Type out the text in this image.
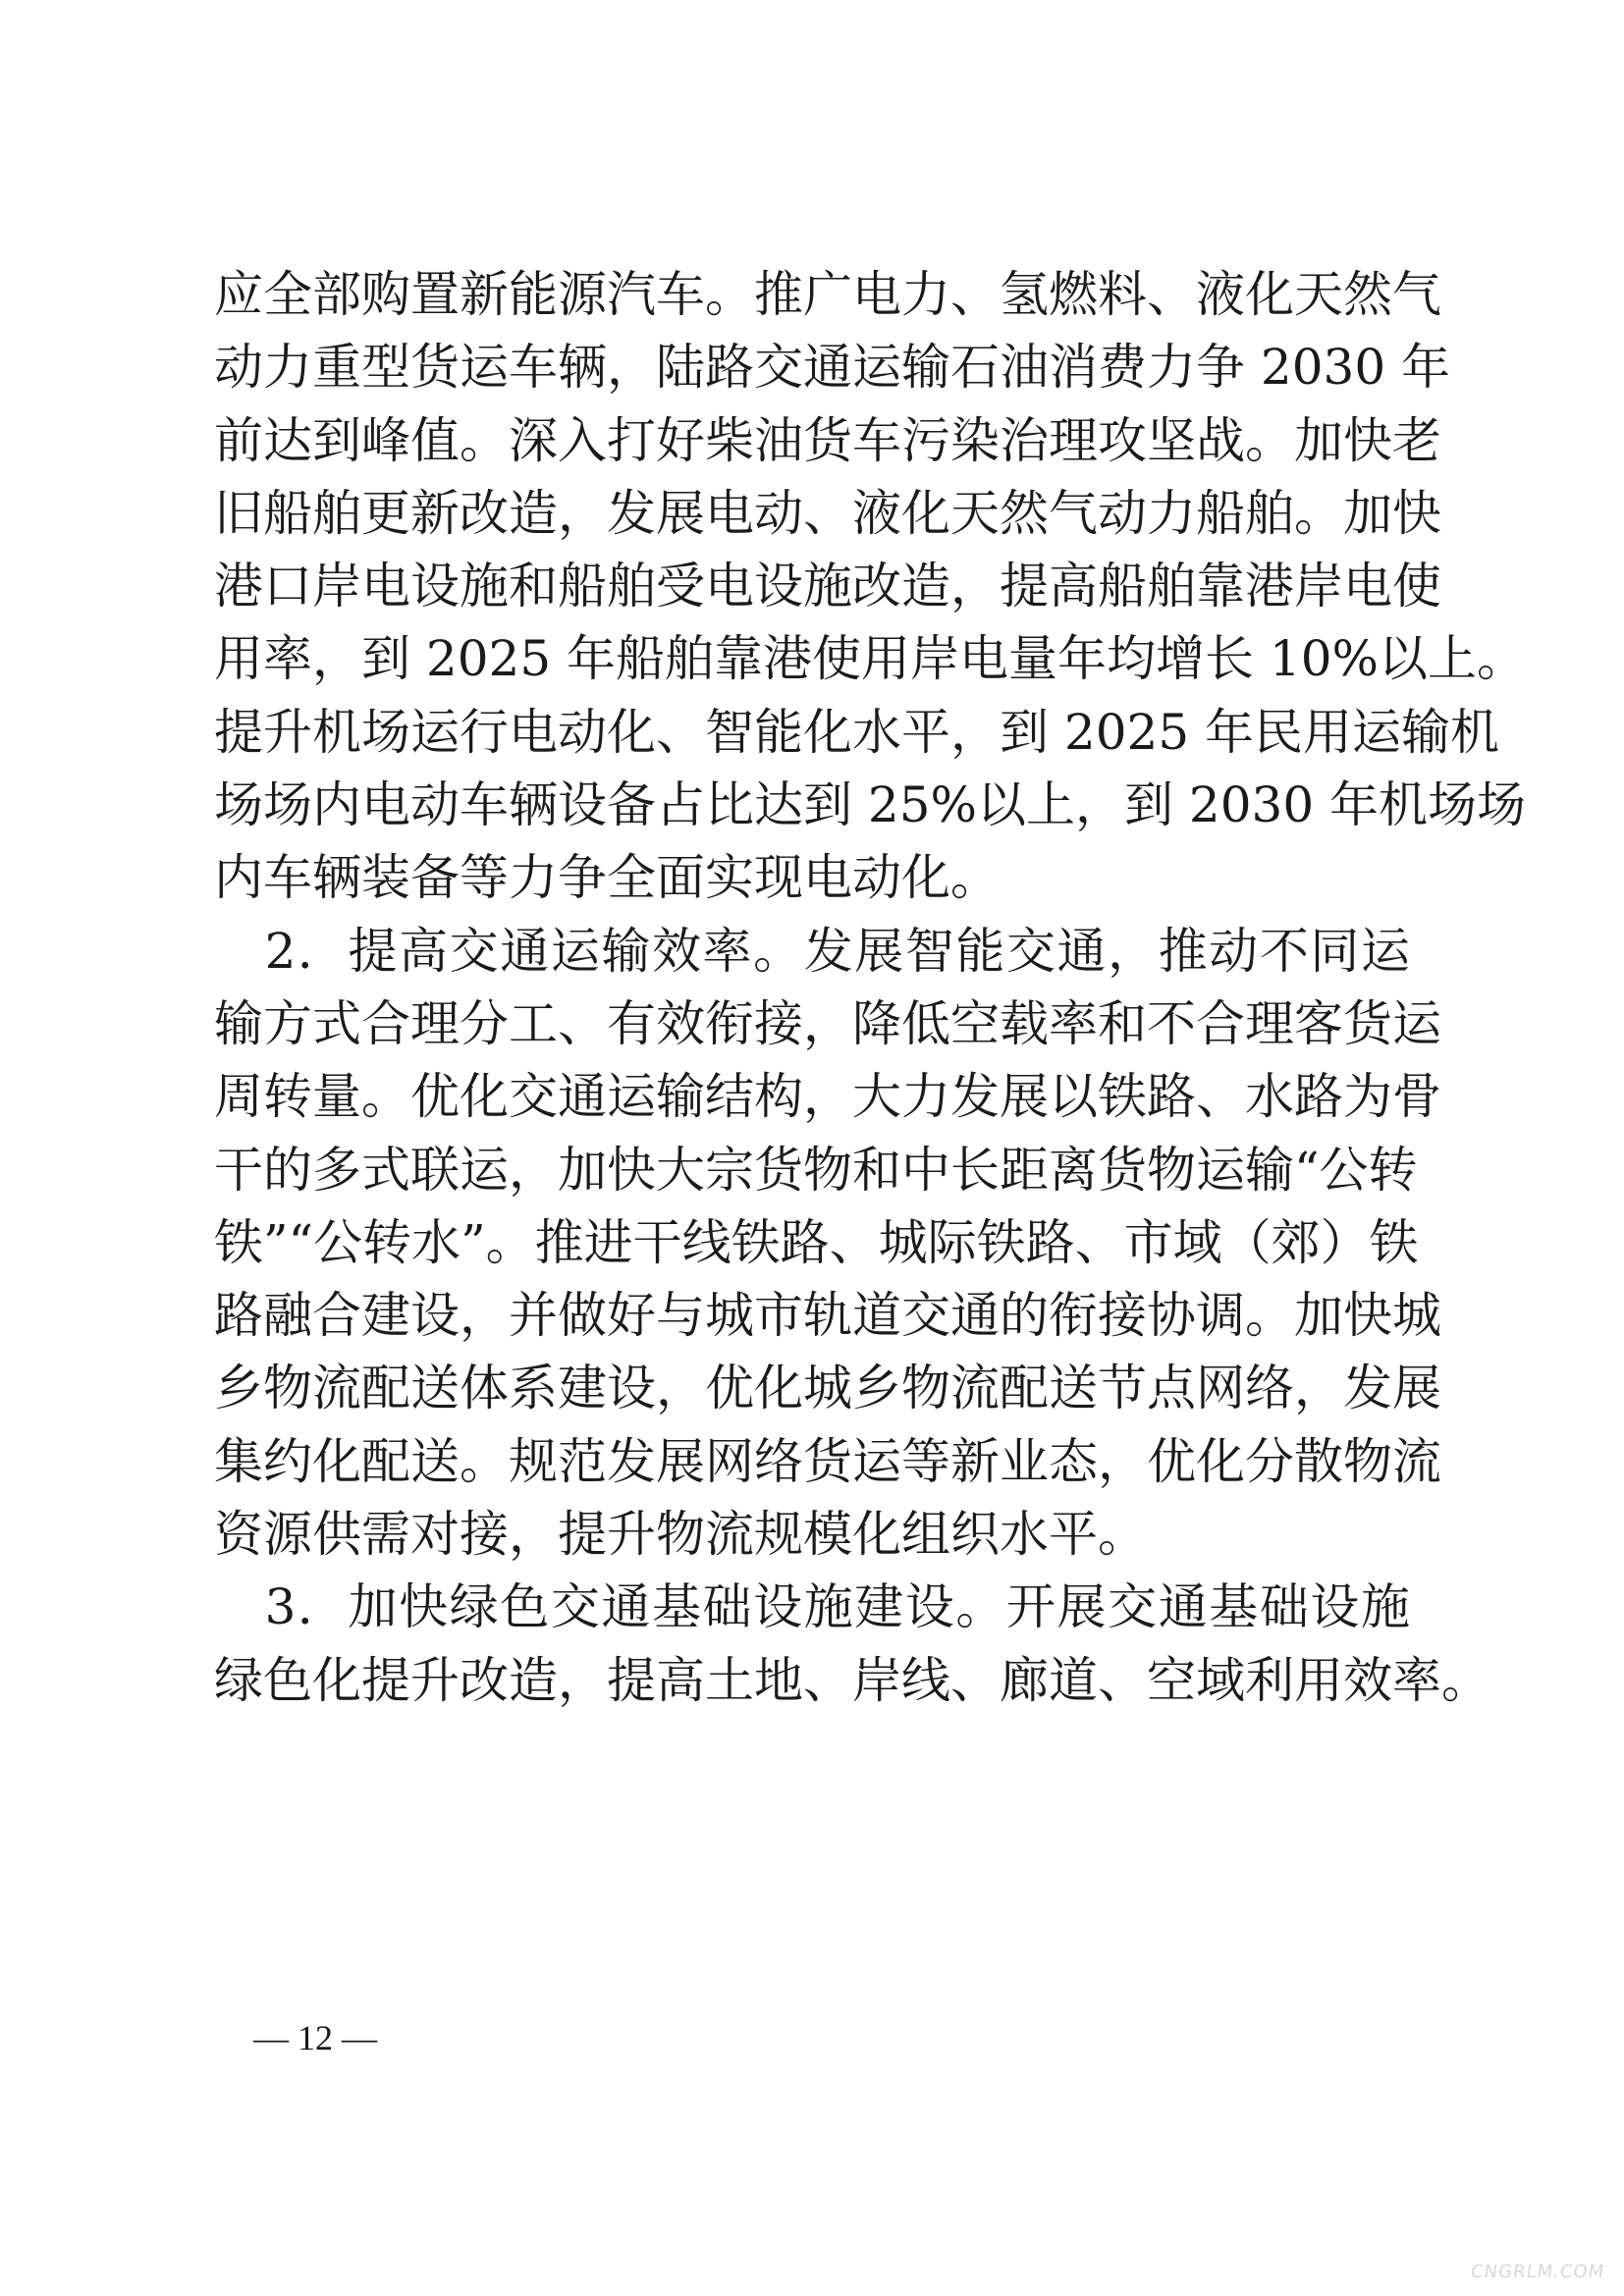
应全部购置新能源汽车。推广电力、氢燃料、液化天然气
动力重型货运车辆，陆路交通运输石油消费力争 2030 年
前达到峰值。深入打好柴油货车污染治理攻坚战。加快老
旧船舶更新改造，发展电动、液化天然气动力船舶。加快
港口岸电设施和船舶受电设施改造，提高船舶靠港岸电使
用率，到 2025 年船舶靠港使用岸电量年均增长 10%以上。
提升机场运行电动化、智能化水平，到 2025 年民用运输机
场场内电动车辆设备占比达到 25%以上，到 2030 年机场场
内车辆装备等力争全面实现电动化。
　2．提高交通运输效率。发展智能交通，推动不同运
输方式合理分工、有效衔接，降低空载率和不合理客货运
周转量。优化交通运输结构，大力发展以铁路、水路为骨
干的多式联运，加快大宗货物和中长距离货物运输“公转
铁”“公转水”。推进干线铁路、城际铁路、市域（郊）铁
路融合建设，并做好与城市轨道交通的衔接协调。加快城
乡物流配送体系建设，优化城乡物流配送节点网络，发展
集约化配送。规范发展网络货运等新业态，优化分散物流
资源供需对接，提升物流规模化组织水平。
　3．加快绿色交通基础设施建设。开展交通基础设施
绿色化提升改造，提高土地、岸线、廊道、空域利用效率。
— 12 —
CNGRLM.COM
